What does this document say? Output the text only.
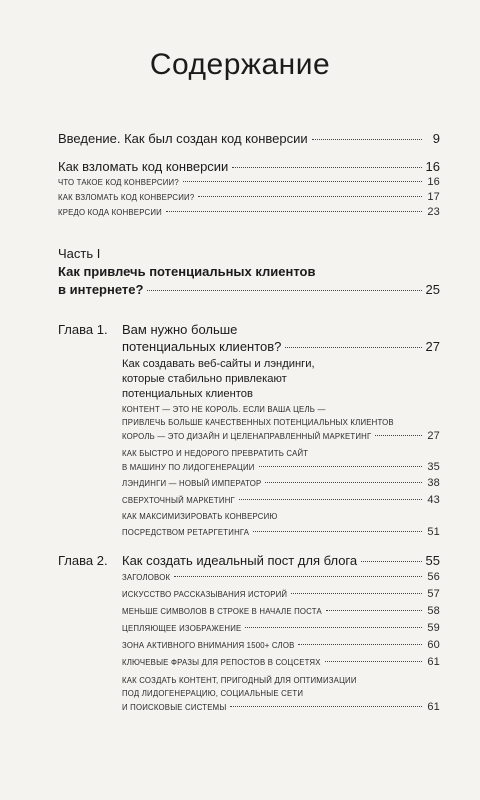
Содержание
Введение. Как был создан код конверсии	9
Как взломать код конверсии	16
ЧТО ТАКОЕ КОД КОНВЕРСИИ?	16
КАК ВЗЛОМАТЬ КОД КОНВЕРСИИ?	17
КРЕДО КОДА КОНВЕРСИИ	23
Часть I
Как привлечь потенциальных клиентов
в интернете?	25
Глава 1. Вам нужно больше
потенциальных клиентов?	27
Как создавать веб-сайты и лэндинги,
которые стабильно привлекают
потенциальных клиентов
КОНТЕНТ — ЭТО НЕ КОРОЛЬ. ЕСЛИ ВАША ЦЕЛЬ —
ПРИВЛЕЧЬ БОЛЬШЕ КАЧЕСТВЕННЫХ ПОТЕНЦИАЛЬНЫХ КЛИЕНТОВ
КОРОЛЬ — ЭТО ДИЗАЙН И ЦЕЛЕНАПРАВЛЕННЫЙ МАРКЕТИНГ	27
КАК БЫСТРО И НЕДОРОГО ПРЕВРАТИТЬ САЙТ
В МАШИНУ ПО ЛИДОГЕНЕРАЦИИ	35
ЛЭНДИНГИ — НОВЫЙ ИМПЕРАТОР	38
СВЕРХТОЧНЫЙ МАРКЕТИНГ	43
КАК МАКСИМИЗИРОВАТЬ КОНВЕРСИЮ
ПОСРЕДСТВОМ РЕТАРГЕТИНГА	51
Глава 2. Как создать идеальный пост для блога	55
ЗАГОЛОВОК	56
ИСКУССТВО РАССКАЗЫВАНИЯ ИСТОРИЙ	57
МЕНЬШЕ СИМВОЛОВ В СТРОКЕ В НАЧАЛЕ ПОСТА	58
ЦЕПЛЯЮЩЕЕ ИЗОБРАЖЕНИЕ	59
ЗОНА АКТИВНОГО ВНИМАНИЯ 1500+ СЛОВ	60
КЛЮЧЕВЫЕ ФРАЗЫ ДЛЯ РЕПОСТОВ В СОЦСЕТЯХ	61
КАК СОЗДАТЬ КОНТЕНТ, ПРИГОДНЫЙ ДЛЯ ОПТИМИЗАЦИИ
ПОД ЛИДОГЕНЕРАЦИЮ, СОЦИАЛЬНЫЕ СЕТИ
И ПОИСКОВЫЕ СИСТЕМЫ	61
